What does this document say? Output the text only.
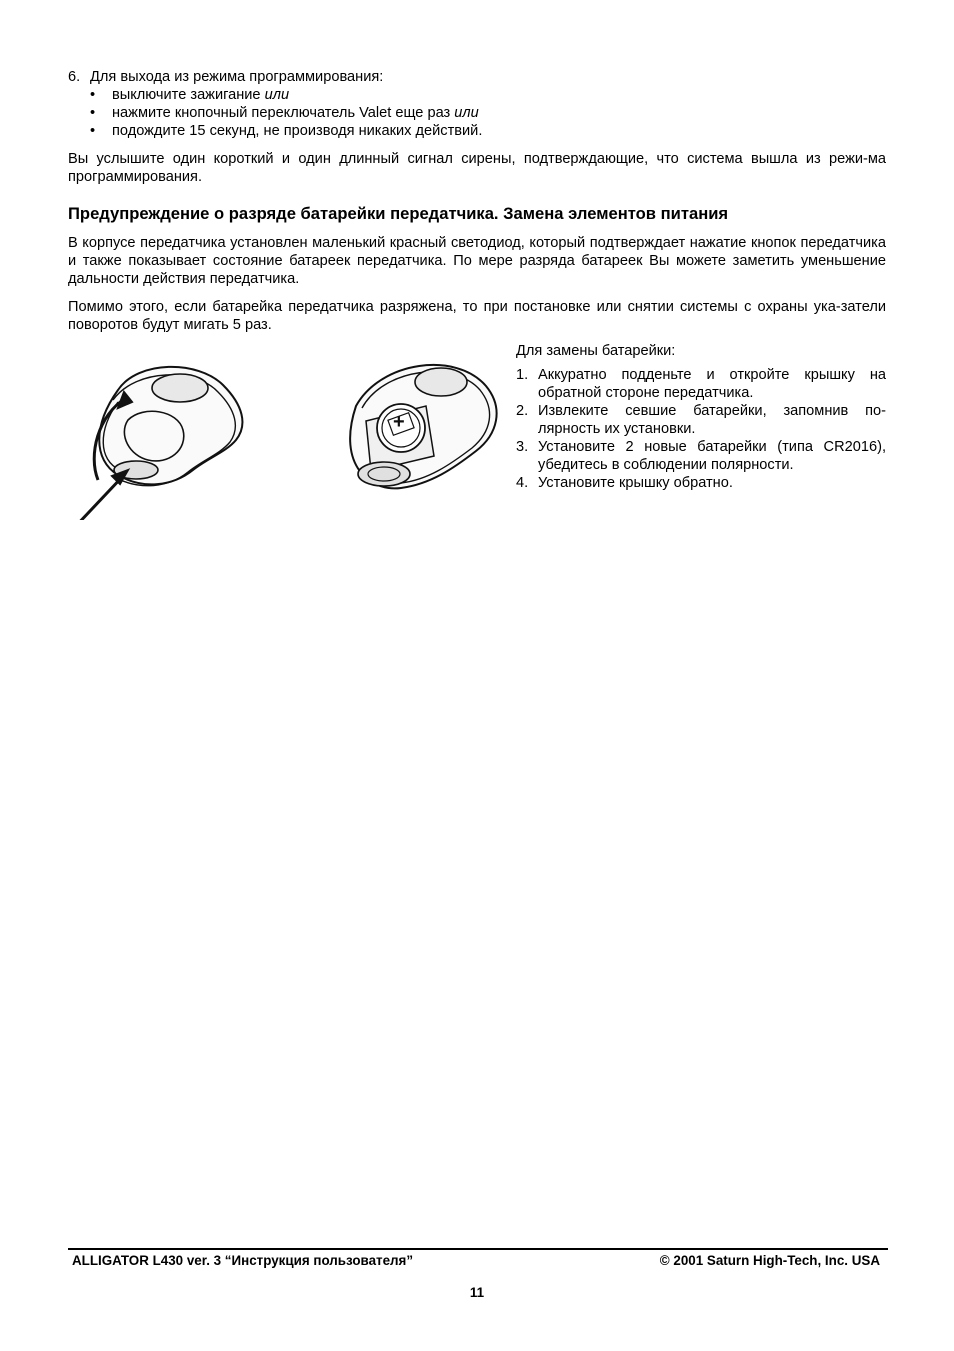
6. Для выхода из режима программирования:
• выключите зажигание или
• нажмите кнопочный переключатель Valet еще раз или
• подождите 15 секунд, не производя никаких действий.

Вы услышите один короткий и один длинный сигнал сирены, подтверждающие, что система вышла из режи-ма программирования.

Предупреждение о разряде батарейки передатчика. Замена элементов питания

В корпусе передатчика установлен маленький красный светодиод, который подтверждает нажатие кнопок передатчика и также показывает состояние батареек передатчика. По мере разряда батареек Вы можете заметить уменьшение дальности действия передатчика.

Помимо этого, если батарейка передатчика разряжена, то при постановке или снятии системы с охраны ука-затели поворотов будут мигать 5 раз.

+

Для замены батарейки:

1. Аккуратно подденьте и откройте крышку на обратной стороне передатчика.
2. Извлеките севшие батарейки, запомнив по-лярность их установки.
3. Установите 2 новые батарейки (типа CR2016), убедитесь в соблюдении полярности.
4. Установите крышку обратно.
ALLIGATOR L430 ver. 3 “Инструкция пользователя”	© 2001 Saturn High-Tech, Inc. USA
11
